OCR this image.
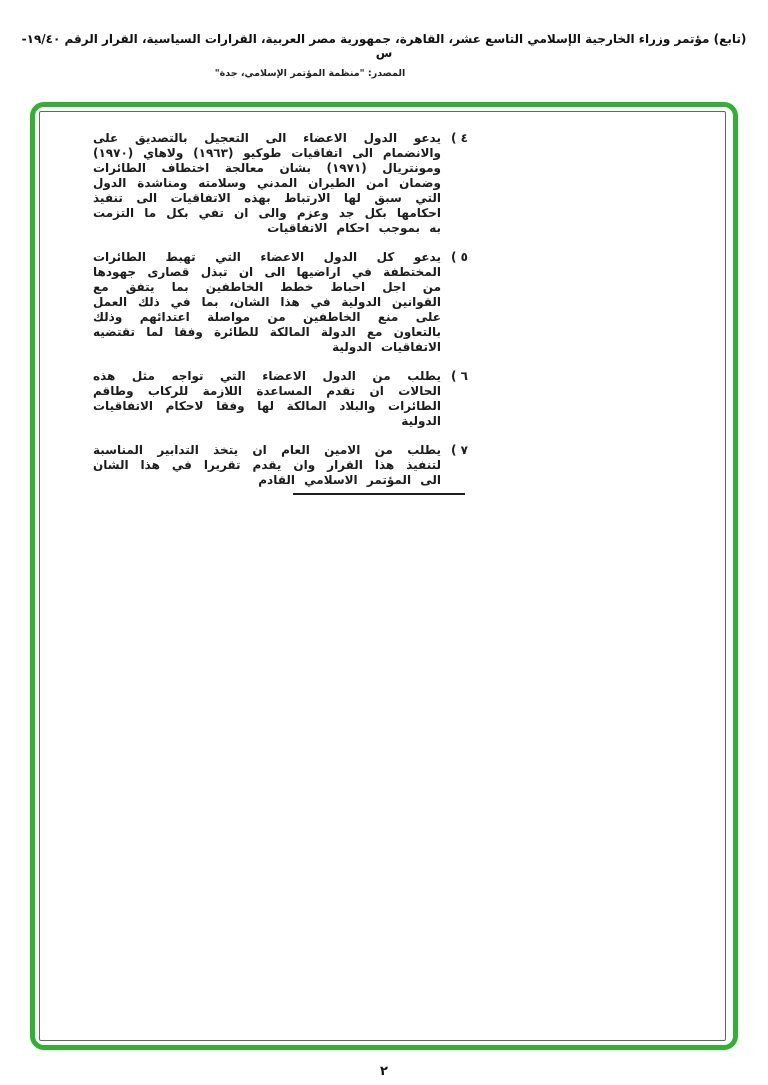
(تابع) مؤتمر وزراء الخارجية الإسلامي التاسع عشر، القاهرة، جمهورية مصر العربية، القرارات السياسية، القرار الرقم ١٩/٤٠-س
المصدر: "منظمة المؤتمر الإسلامي، جدة"
٤ )
يدعو الدول الاعضاء الى التعجيل بالتصديق على والانضمام الى اتفاقيات طوكيو (١٩٦٣) ولاهاي (١٩٧٠) ومونتريال (١٩٧١) بشان معالجة اختطاف الطائرات وضمان امن الطيران المدني وسلامته ومناشدة الدول التي سبق لها الارتباط بهذه الاتفاقيات الى تنفيذ احكامها بكل جد وعزم والى ان تفي بكل ما التزمت به بموجب احكام الاتفاقيات
٥ )
يدعو كل الدول الاعضاء التي تهبط الطائرات المختطفة في اراضيها الى ان تبذل قصارى جهودها من اجل احباط خطط الخاطفين بما يتفق مع القوانين الدولية في هذا الشان، بما في ذلك العمل على منع الخاطفين من مواصلة اعتدائهم وذلك بالتعاون مع الدولة المالكة للطائرة وفقا لما تقتضيه الاتفاقيات الدولية
٦ )
يطلب من الدول الاعضاء التي تواجه مثل هذه الحالات ان تقدم المساعدة اللازمة للركاب وطاقم الطائرات والبلاد المالكة لها وفقا لاحكام الاتفاقيات الدولية
٧ )
يطلب من الامين العام ان يتخذ التدابير المناسبة لتنفيذ هذا القرار وان يقدم تقريرا في هذا الشان الى المؤتمر الاسلامي القادم
٢
